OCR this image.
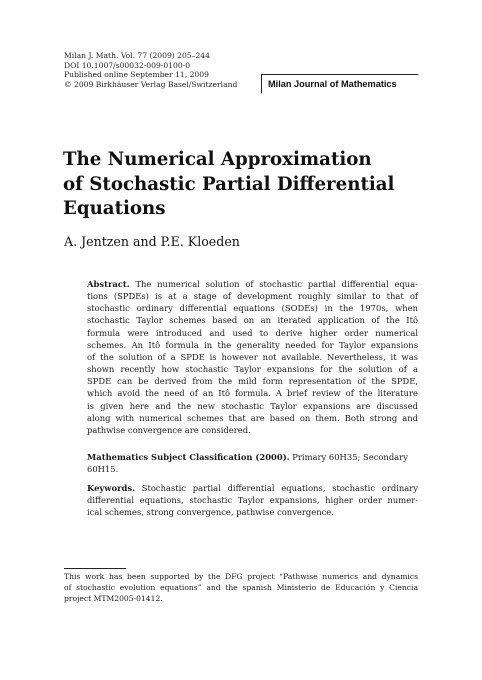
Milan J. Math. Vol. 77 (2009) 205–244
DOI 10.1007/s00032-009-0100-0
Published online September 11, 2009
© 2009 Birkhäuser Verlag Basel/Switzerland	Milan Journal of Mathematics
The Numerical Approximation
of Stochastic Partial Differential
Equations
A. Jentzen and P.E. Kloeden
Abstract. The numerical solution of stochastic partial differential equa-
tions (SPDEs) is at a stage of development roughly similar to that of
stochastic ordinary differential equations (SODEs) in the 1970s, when
stochastic Taylor schemes based on an iterated application of the Itô
formula were introduced and used to derive higher order numerical
schemes. An Itô formula in the generality needed for Taylor expansions
of the solution of a SPDE is however not available. Nevertheless, it was
shown recently how stochastic Taylor expansions for the solution of a
SPDE can be derived from the mild form representation of the SPDE,
which avoid the need of an Itô formula. A brief review of the literature
is given here and the new stochastic Taylor expansions are discussed
along with numerical schemes that are based on them. Both strong and
pathwise convergence are considered.
Mathematics Subject Classification (2000). Primary 60H35; Secondary
60H15.
Keywords. Stochastic partial differential equations, stochastic ordinary
differential equations, stochastic Taylor expansions, higher order numer-
ical schemes, strong convergence, pathwise convergence.
This work has been supported by the DFG project “Pathwise numerics and dynamics
of stochastic evolution equations” and the spanish Ministerio de Educación y Ciencia
project MTM2005-01412.
